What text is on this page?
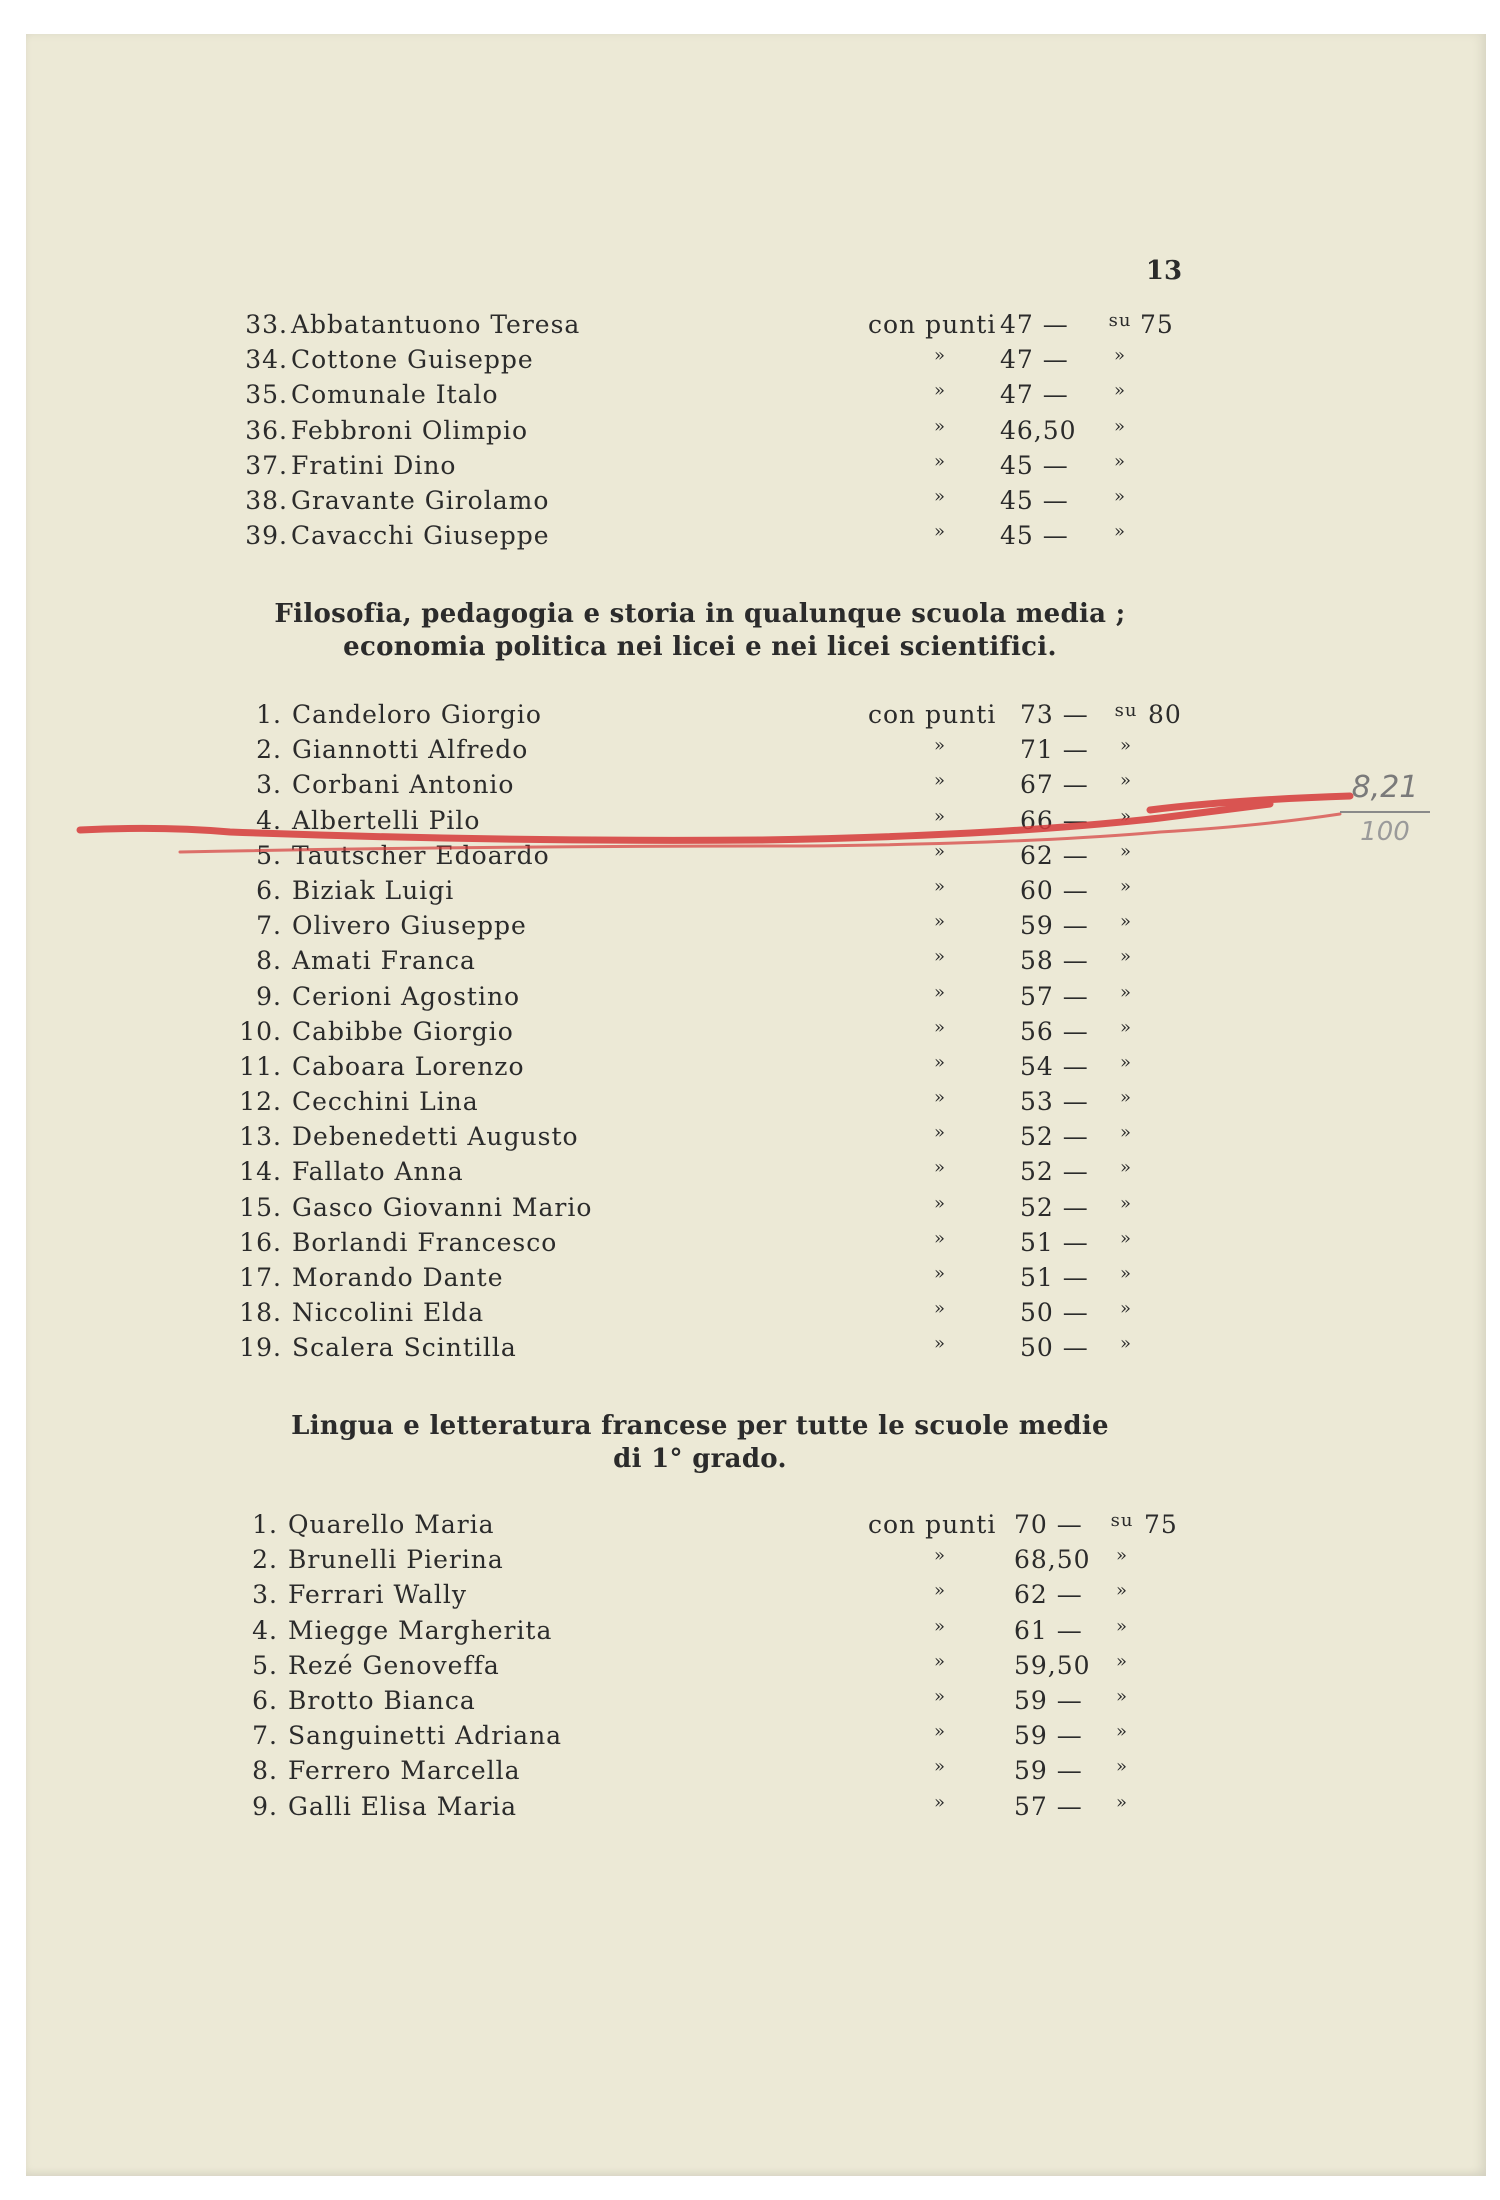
13
33. Abbatantuono Teresa	con punti 47 —	su 75
34. Cottone Guiseppe	» 47 —	»
35. Comunale Italo	» 47 —	»
36. Febbroni Olimpio	» 46,50	»
37. Fratini Dino	» 45 —	»
38. Gravante Girolamo	» 45 —	»
39. Cavacchi Giuseppe	» 45 —	»
Filosofia, pedagogia e storia in qualunque scuola media ;
economia politica nei licei e nei licei scientifici.
1. Candeloro Giorgio	con punti 73 —	su 80
2. Giannotti Alfredo	»	71 —	»
3. Corbani Antonio	»	67 —	»
4. Albertelli Pilo	»	66 —	»
5. Tautscher Edoardo	»	62 —	»
6. Biziak Luigi	»	60 —	»
7. Olivero Giuseppe	»	59 —	»
8. Amati Franca	»	58 —	»
9. Cerioni Agostino	»	57 —	»
10. Cabibbe Giorgio	»	56 —	»
11. Caboara Lorenzo	»	54 —	»
12. Cecchini Lina	»	53 —	»
13. Debenedetti Augusto	»	52 —	»
14. Fallato Anna	»	52 —	»
15. Gasco Giovanni Mario	»	52 —	»
16. Borlandi Francesco	»	51 —	»
17. Morando Dante	»	51 —	»
18. Niccolini Elda	»	50 —	»
19. Scalera Scintilla	»	50 —	»
Lingua e letteratura francese per tutte le scuole medie
di 1° grado.
1. Quarello Maria	con punti 70 —	su 75
2. Brunelli Pierina	»	68,50	»
3. Ferrari Wally	»	62 —	»
4. Miegge Margherita	»	61 —	»
5. Rezé Genoveffa	»	59,50	»
6. Brotto Bianca	»	59 —	»
7. Sanguinetti Adriana	»	59 —	»
8. Ferrero Marcella	»	59 —	»
9. Galli Elisa Maria	»	57 —	»
$\frac{8,21}{100}$
